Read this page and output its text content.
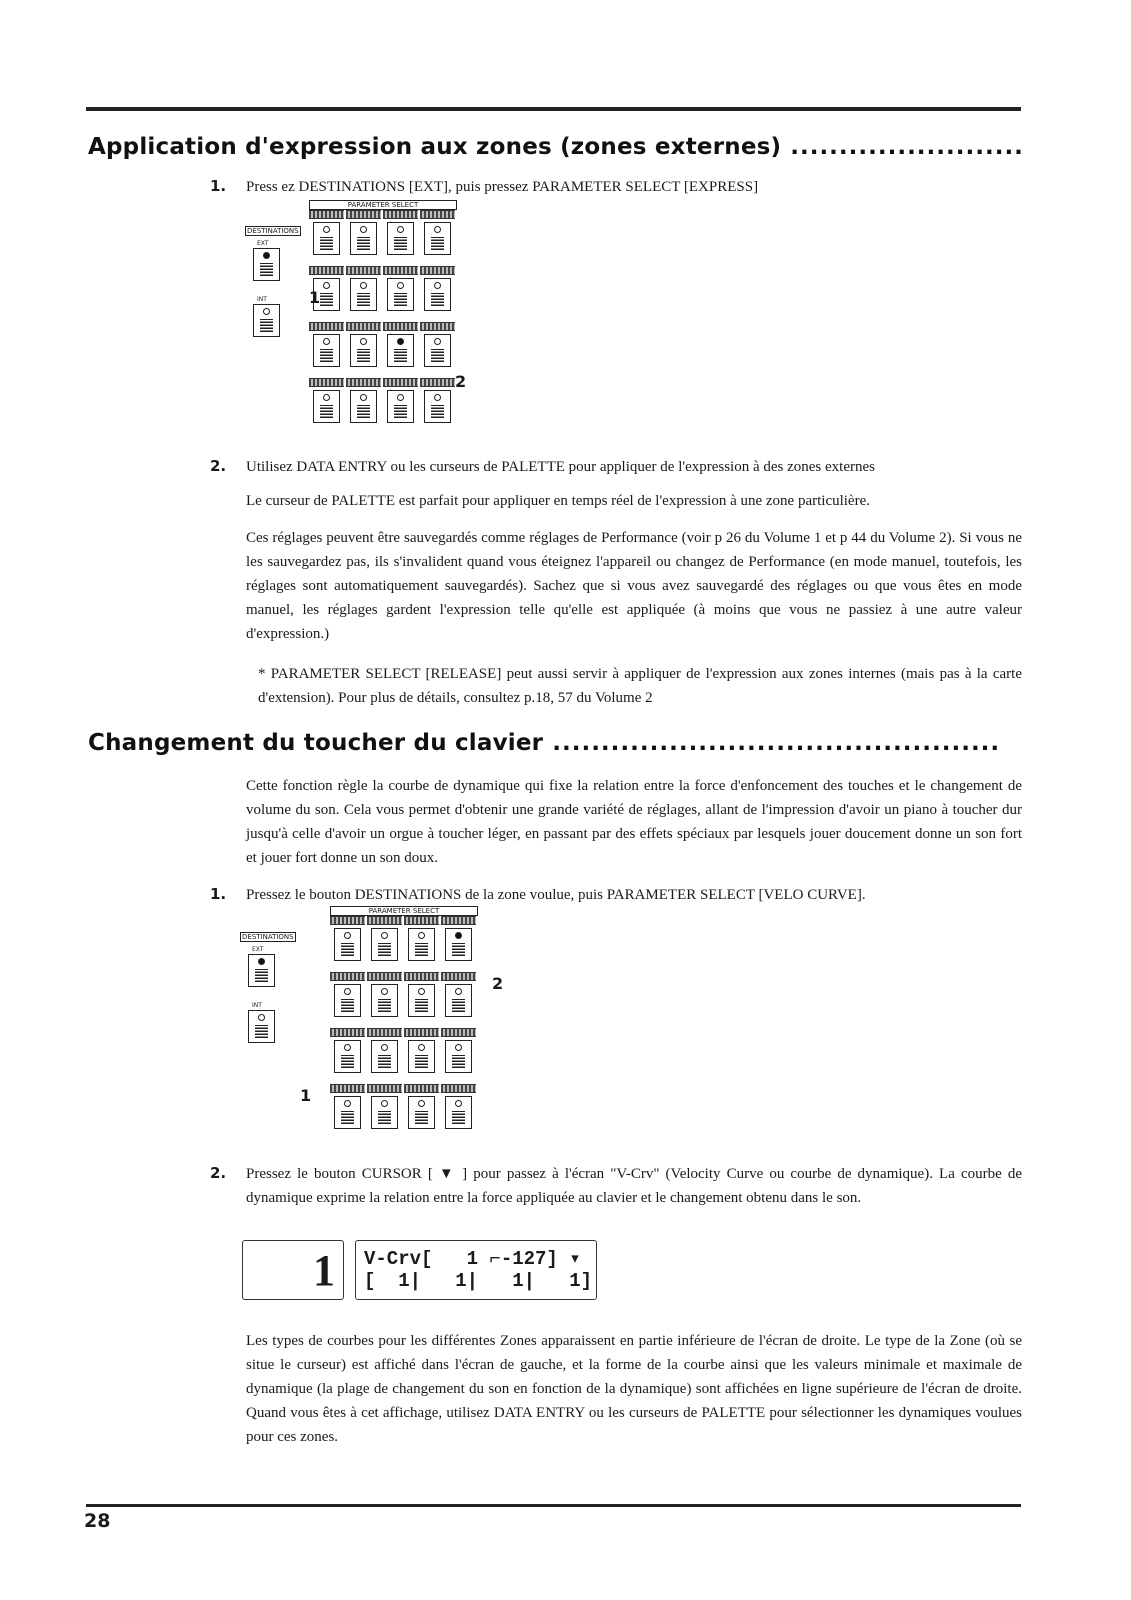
Application d'expression aux zones (zones externes) ........................
1. Press ez DESTINATIONS [EXT], puis pressez PARAMETER SELECT [EXPRESS]
PARAMETER SELECT
DESTINATIONS
EXT
INT	1
2
2. Utilisez DATA ENTRY ou les curseurs de PALETTE pour appliquer de l'expression à des zones externes
Le curseur de PALETTE est parfait pour appliquer en temps réel de l'expression à une zone particulière.
Ces réglages peuvent être sauvegardés comme réglages de Performance (voir p 26 du Volume 1 et p 44 du Volume 2). Si vous ne les sauvegardez pas, ils s'invalident quand vous éteignez l'appareil ou changez de Performance (en mode manuel, toutefois, les réglages sont automatiquement sauvegardés). Sachez que si vous avez sauvegardé des réglages ou que vous êtes en mode manuel, les réglages gardent l'expression telle qu'elle est appliquée (à moins que vous ne passiez à une autre valeur d'expression.)
* PARAMETER SELECT [RELEASE] peut aussi servir à appliquer de l'expression aux zones internes (mais pas à la carte d'extension). Pour plus de détails, consultez p.18, 57 du Volume 2
Changement du toucher du clavier ..............................................
Cette fonction règle la courbe de dynamique qui fixe la relation entre la force d'enfoncement des touches et le changement de volume du son. Cela vous permet d'obtenir une grande variété de réglages, allant de l'impression d'avoir un piano à toucher dur jusqu'à celle d'avoir un orgue à toucher léger, en passant par des effets spéciaux par lesquels jouer doucement donne un son fort et jouer fort donne un son doux.
1. Pressez le bouton DESTINATIONS de la zone voulue, puis PARAMETER SELECT [VELO CURVE].
PARAMETER SELECT
DESTINATIONS
EXT
INT
1
2
2. Pressez le bouton CURSOR [ ▼ ] pour passez à l'écran "V-Crv" (Velocity Curve ou courbe de dynamique). La courbe de dynamique exprime la relation entre la force appliquée au clavier et le changement obtenu dans le son.
1 V-Crv[   1 ⌐‐127] ▾
[  1|   1|   1|   1]
Les types de courbes pour les différentes Zones apparaissent en partie inférieure de l'écran de droite. Le type de la Zone (où se situe le curseur) est affiché dans l'écran de gauche, et la forme de la courbe ainsi que les valeurs minimale et maximale de dynamique (la plage de changement du son en fonction de la dynamique) sont affichées en ligne supérieure de l'écran de droite. Quand vous êtes à cet affichage, utilisez DATA ENTRY ou les curseurs de PALETTE pour sélectionner les dynamiques voulues pour ces zones.
28
